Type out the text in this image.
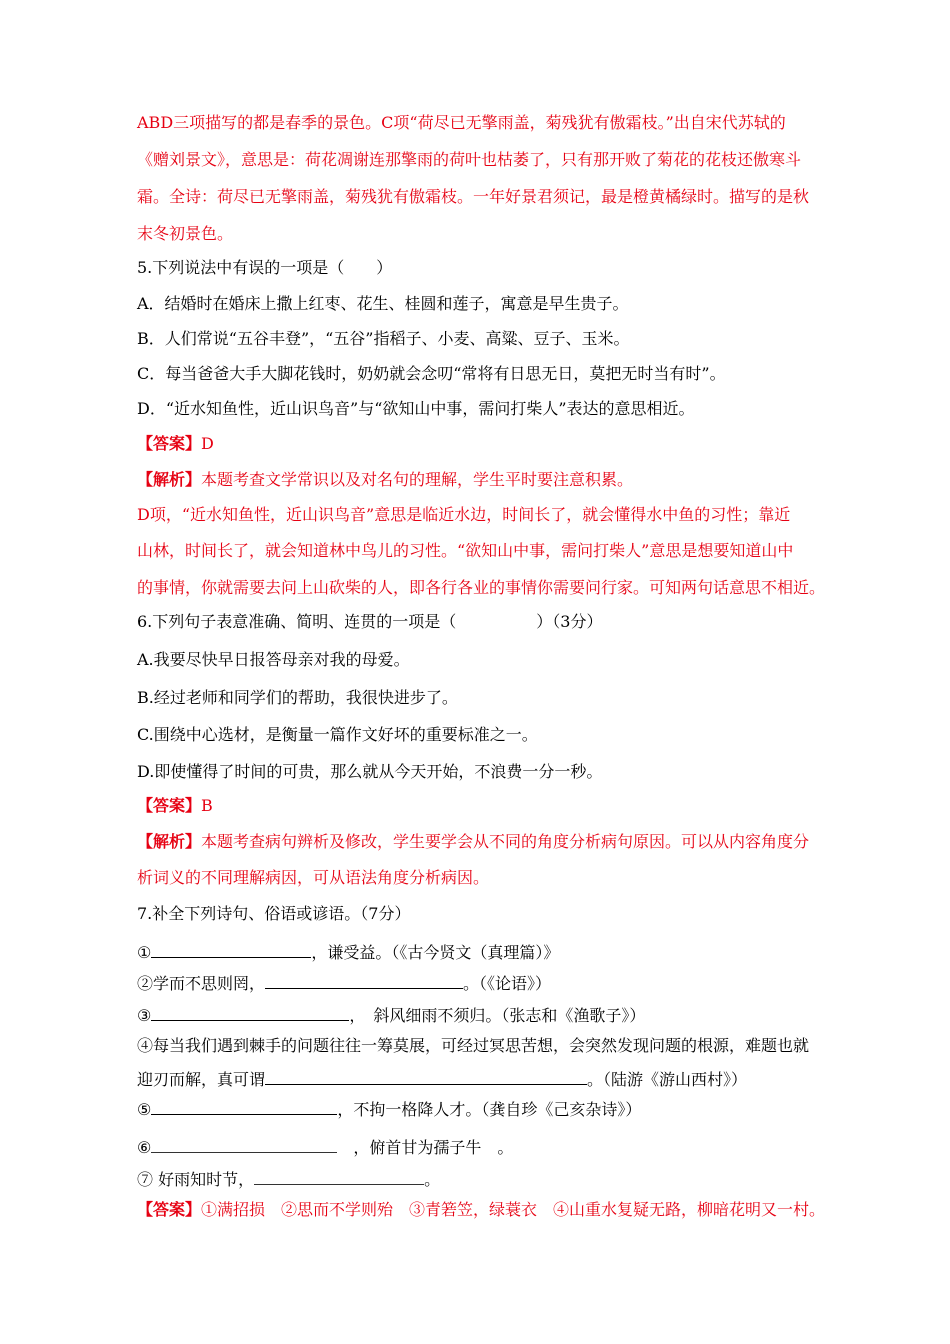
ABD三项描写的都是春季的景色。C项“荷尽已无擎雨盖，菊残犹有傲霜枝。”出自宋代苏轼的
《赠刘景文》，意思是：荷花凋谢连那擎雨的荷叶也枯萎了，只有那开败了菊花的花枝还傲寒斗
霜。全诗：荷尽已无擎雨盖，菊残犹有傲霜枝。一年好景君须记，最是橙黄橘绿时。描写的是秋
末冬初景色。
5.下列说法中有误的一项是（　　）
A．结婚时在婚床上撒上红枣、花生、桂圆和莲子，寓意是早生贵子。
B．人们常说“五谷丰登”，“五谷”指稻子、小麦、高粱、豆子、玉米。
C．每当爸爸大手大脚花钱时，奶奶就会念叨“常将有日思无日，莫把无时当有时”。
D．“近水知鱼性，近山识鸟音”与“欲知山中事，需问打柴人”表达的意思相近。
【答案】D
【解析】本题考查文学常识以及对名句的理解，学生平时要注意积累。
D项，“近水知鱼性，近山识鸟音”意思是临近水边，时间长了，就会懂得水中鱼的习性；靠近
山林，时间长了，就会知道林中鸟儿的习性。“欲知山中事，需问打柴人”意思是想要知道山中
的事情，你就需要去问上山砍柴的人，即各行各业的事情你需要问行家。可知两句话意思不相近。
6.下列句子表意准确、简明、连贯的一项是（　　　　　）（3分）
A.我要尽快早日报答母亲对我的母爱。
B.经过老师和同学们的帮助，我很快进步了。
C.围绕中心选材，是衡量一篇作文好坏的重要标准之一。
D.即使懂得了时间的可贵，那么就从今天开始，不浪费一分一秒。
【答案】B
【解析】本题考查病句辨析及修改，学生要学会从不同的角度分析病句原因。可以从内容角度分
析词义的不同理解病因，可从语法角度分析病因。
7.补全下列诗句、俗语或谚语。（7分）
①	，谦受益。（《古今贤文（真理篇）》
②学而不思则罔，	。（《论语》）
③	，　斜风细雨不须归。（张志和《渔歌子》）
④每当我们遇到棘手的问题往往一筹莫展，可经过冥思苦想，会突然发现问题的根源，难题也就
迎刃而解，真可谓	。（陆游《游山西村》）
⑤	，不拘一格降人才。（龚自珍《己亥杂诗》）
⑥	　，俯首甘为孺子牛　。
⑦ 好雨知时节，	。
【答案】①满招损　②思而不学则殆　③青箬笠，绿蓑衣　④山重水复疑无路，柳暗花明又一村。
